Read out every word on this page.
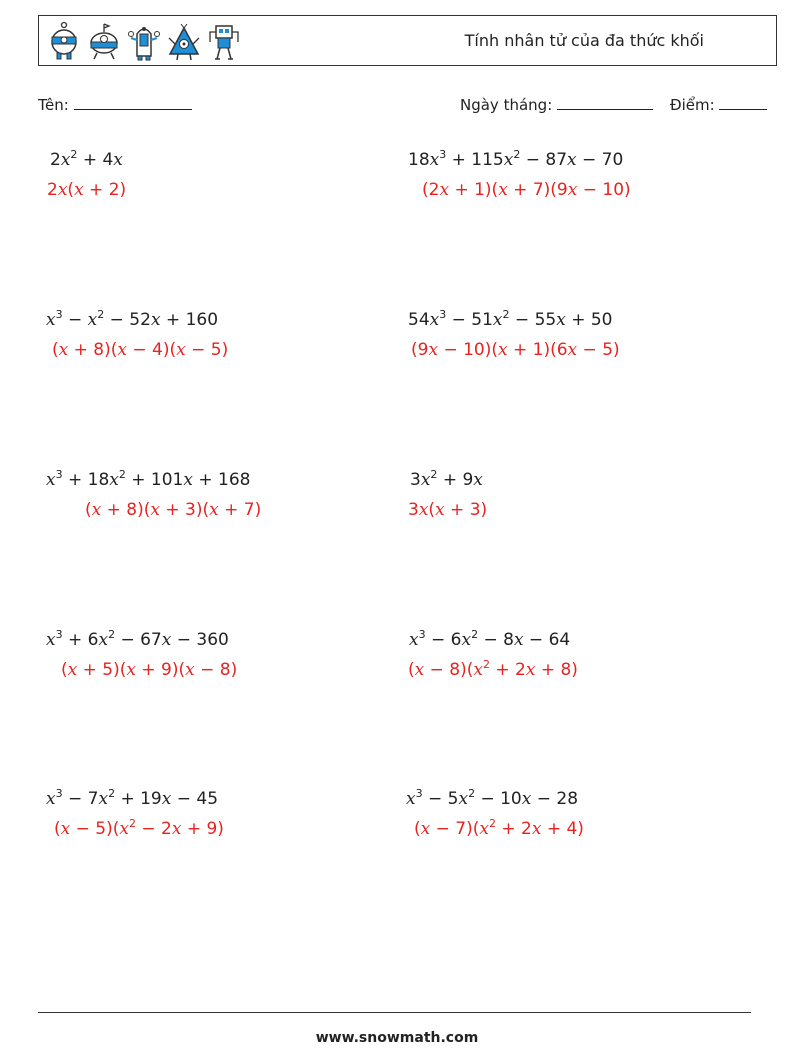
Tính nhân tử của đa thức khối
Tên:	Ngày tháng:	Điểm:
$2x^2 + 4x$
2x(x + 2)
$x^3 - x^2 - 52x + 160$
(x + 8)(x − 4)(x − 5)
$x^3 + 18x^2 + 101x + 168$
(x + 8)(x + 3)(x + 7)
$x^3 + 6x^2 - 67x - 360$
(x + 5)(x + 9)(x − 8)
$x^3 - 7x^2 + 19x - 45$
$(x - 5)(x^2 - 2x + 9)$
$18x^3 + 115x^2 - 87x - 70$
(2x + 1)(x + 7)(9x − 10)
$54x^3 - 51x^2 - 55x + 50$
(9x − 10)(x + 1)(6x − 5)
$3x^2 + 9x$
3x(x + 3)
$x^3 - 6x^2 - 8x - 64$
$(x - 8)(x^2 + 2x + 8)$
$x^3 - 5x^2 - 10x - 28$
$(x - 7)(x^2 + 2x + 4)$
www.snowmath.com
